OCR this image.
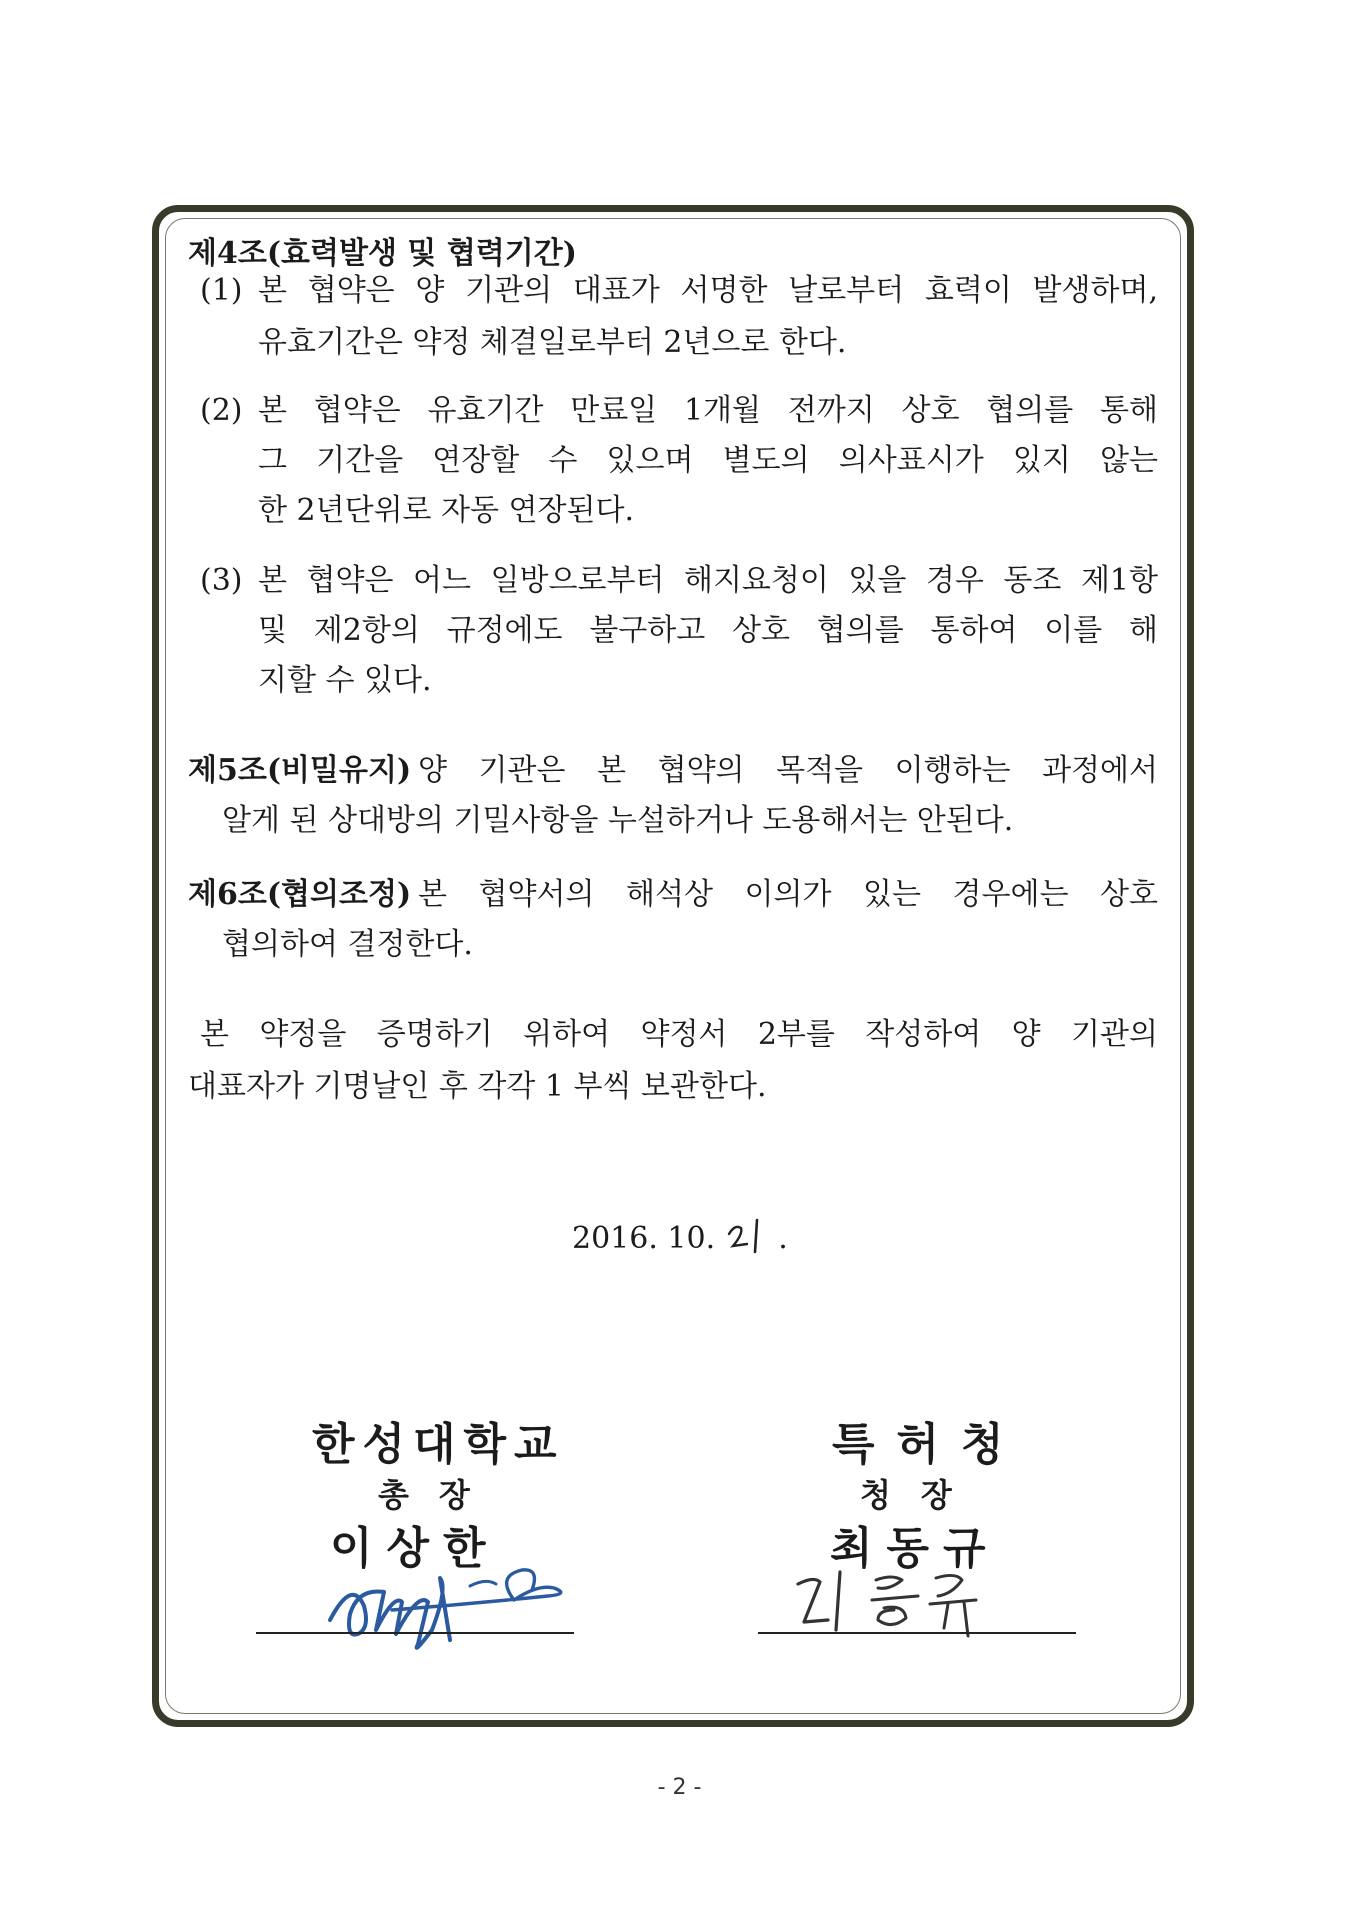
제4조(효력발생 및 협력기간)
(1) 본 협약은 양 기관의 대표가 서명한 날로부터 효력이 발생하며,
유효기간은 약정 체결일로부터 2년으로 한다.
(2) 본 협약은 유효기간 만료일 1개월 전까지 상호 협의를 통해
그 기간을 연장할 수 있으며 별도의 의사표시가 있지 않는
한 2년단위로 자동 연장된다.
(3) 본 협약은 어느 일방으로부터 해지요청이 있을 경우 동조 제1항
및 제2항의 규정에도 불구하고 상호 협의를 통하여 이를 해
지할 수 있다.
제5조(비밀유지) 양 기관은 본 협약의 목적을 이행하는 과정에서
알게 된 상대방의 기밀사항을 누설하거나 도용해서는 안된다.
제6조(협의조정) 본 협약서의 해석상 이의가 있는 경우에는 상호
협의하여 결정한다.
본 약정을 증명하기 위하여 약정서 2부를 작성하여 양 기관의
대표자가 기명날인 후 각각 1 부씩 보관한다.
2016. 10. .
한성대학교
총장
이상한
특허청
청장
최동규
- 2 -
